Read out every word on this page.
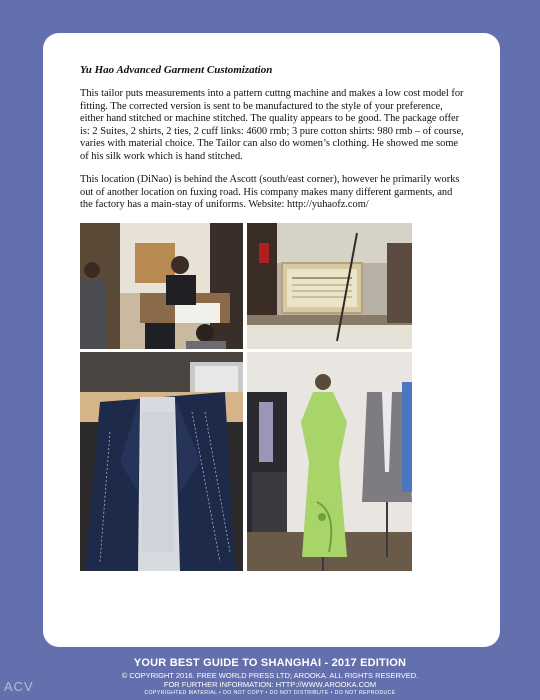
Yu Hao Advanced Garment Customization

This tailor puts measurements into a pattern cuttng machine and makes a low cost model for fitting. The corrected version is sent to be manufactured to the style of your preference, either hand stitched or machine stitched. The quality appears to be good. The package offer is: 2 Suites, 2 shirts, 2 ties, 2 cuff links: 4600 rmb; 3 pure cotton shirts: 980 rmb – of course, varies with material choice. The Tailor can also do women’s clothing. He showed me some of his silk work which is hand stitched.

This location (DiNao) is behind the Ascott (south/east corner), however he primarily works out of another location on fuxing road. His company makes many different garments, and the factory has a main-stay of uniforms. Website: http://yuhaofz.com/

YOUR BEST GUIDE TO SHANGHAI - 2017 EDITION
© COPYRIGHT 2016. FREE WORLD PRESS LTD; AROOKA. ALL RIGHTS RESERVED.
FOR FURTHER INFORMATION: HTTP://WWW.AROOKA.COM
COPYRIGHTED MATERIAL • DO NOT COPY • DO NOT DISTRIBUTE • DO NOT REPRODUCE
ACV
